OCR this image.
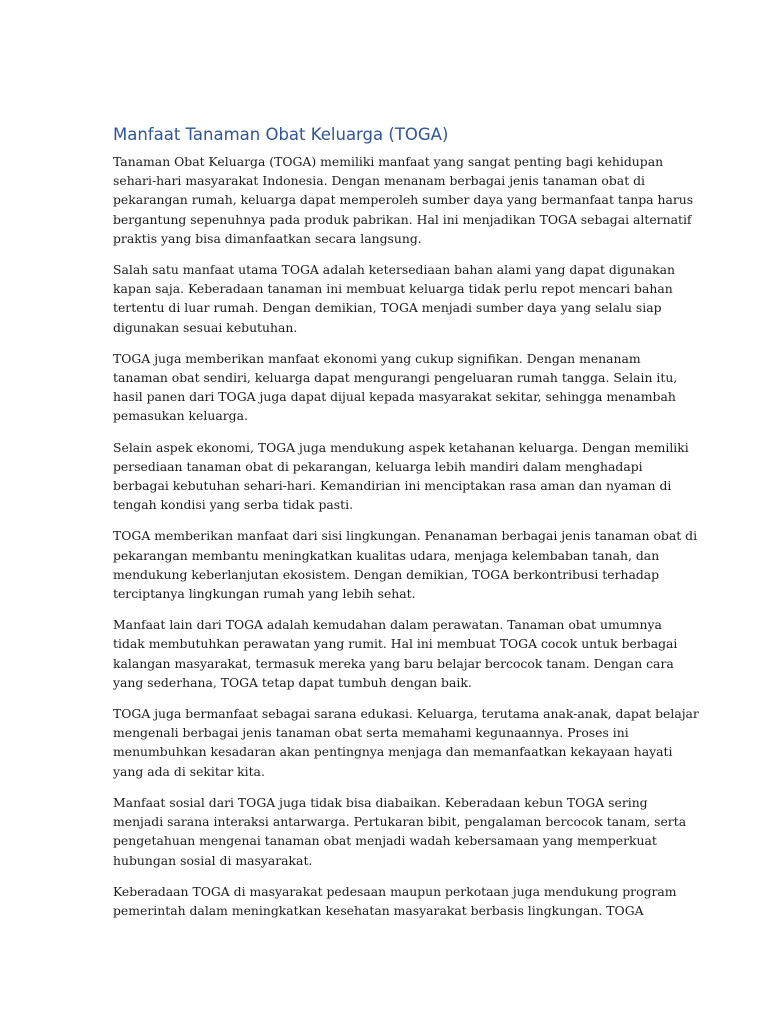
Manfaat Tanaman Obat Keluarga (TOGA)

Tanaman Obat Keluarga (TOGA) memiliki manfaat yang sangat penting bagi kehidupan
sehari-hari masyarakat Indonesia. Dengan menanam berbagai jenis tanaman obat di
pekarangan rumah, keluarga dapat memperoleh sumber daya yang bermanfaat tanpa harus
bergantung sepenuhnya pada produk pabrikan. Hal ini menjadikan TOGA sebagai alternatif
praktis yang bisa dimanfaatkan secara langsung.

Salah satu manfaat utama TOGA adalah ketersediaan bahan alami yang dapat digunakan
kapan saja. Keberadaan tanaman ini membuat keluarga tidak perlu repot mencari bahan
tertentu di luar rumah. Dengan demikian, TOGA menjadi sumber daya yang selalu siap
digunakan sesuai kebutuhan.

TOGA juga memberikan manfaat ekonomi yang cukup signifikan. Dengan menanam
tanaman obat sendiri, keluarga dapat mengurangi pengeluaran rumah tangga. Selain itu,
hasil panen dari TOGA juga dapat dijual kepada masyarakat sekitar, sehingga menambah
pemasukan keluarga.

Selain aspek ekonomi, TOGA juga mendukung aspek ketahanan keluarga. Dengan memiliki
persediaan tanaman obat di pekarangan, keluarga lebih mandiri dalam menghadapi
berbagai kebutuhan sehari-hari. Kemandirian ini menciptakan rasa aman dan nyaman di
tengah kondisi yang serba tidak pasti.

TOGA memberikan manfaat dari sisi lingkungan. Penanaman berbagai jenis tanaman obat di
pekarangan membantu meningkatkan kualitas udara, menjaga kelembaban tanah, dan
mendukung keberlanjutan ekosistem. Dengan demikian, TOGA berkontribusi terhadap
terciptanya lingkungan rumah yang lebih sehat.

Manfaat lain dari TOGA adalah kemudahan dalam perawatan. Tanaman obat umumnya
tidak membutuhkan perawatan yang rumit. Hal ini membuat TOGA cocok untuk berbagai
kalangan masyarakat, termasuk mereka yang baru belajar bercocok tanam. Dengan cara
yang sederhana, TOGA tetap dapat tumbuh dengan baik.

TOGA juga bermanfaat sebagai sarana edukasi. Keluarga, terutama anak-anak, dapat belajar
mengenali berbagai jenis tanaman obat serta memahami kegunaannya. Proses ini
menumbuhkan kesadaran akan pentingnya menjaga dan memanfaatkan kekayaan hayati
yang ada di sekitar kita.

Manfaat sosial dari TOGA juga tidak bisa diabaikan. Keberadaan kebun TOGA sering
menjadi sarana interaksi antarwarga. Pertukaran bibit, pengalaman bercocok tanam, serta
pengetahuan mengenai tanaman obat menjadi wadah kebersamaan yang memperkuat
hubungan sosial di masyarakat.

Keberadaan TOGA di masyarakat pedesaan maupun perkotaan juga mendukung program
pemerintah dalam meningkatkan kesehatan masyarakat berbasis lingkungan. TOGA
